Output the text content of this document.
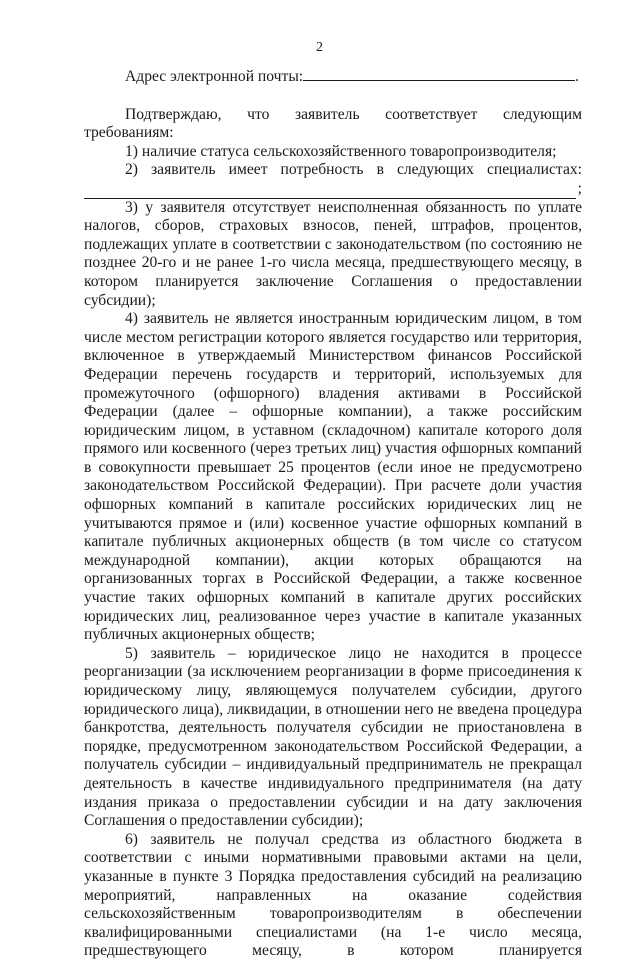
2

Адрес электронной почты:	.

Подтверждаю, что заявитель соответствует следующим требованиям:

1) наличие статуса сельскохозяйственного товаропроизводителя;

2) заявитель имеет потребность в следующих специалистах:

;

3) у заявителя отсутствует неисполненная обязанность по уплате налогов, сборов, страховых взносов, пеней, штрафов, процентов, подлежащих уплате в соответствии с законодательством (по состоянию не позднее 20-го и не ранее 1-го числа месяца, предшествующего месяцу, в котором планируется заключение Соглашения о предоставлении субсидии);

4) заявитель не является иностранным юридическим лицом, в том числе местом регистрации которого является государство или территория, включенное в утверждаемый Министерством финансов Российской Федерации перечень государств и территорий, используемых для промежуточного (офшорного) владения активами в Российской Федерации (далее – офшорные компании), а также российским юридическим лицом, в уставном (складочном) капитале которого доля прямого или косвенного (через третьих лиц) участия офшорных компаний в совокупности превышает 25 процентов (если иное не предусмотрено законодательством Российской Федерации). При расчете доли участия офшорных компаний в капитале российских юридических лиц не учитываются прямое и (или) косвенное участие офшорных компаний в капитале публичных акционерных обществ (в том числе со статусом международной компании), акции которых обращаются на организованных торгах в Российской Федерации, а также косвенное участие таких офшорных компаний в капитале других российских юридических лиц, реализованное через участие в капитале указанных публичных акционерных обществ;

5) заявитель – юридическое лицо не находится в процессе реорганизации (за исключением реорганизации в форме присоединения к юридическому лицу, являющемуся получателем субсидии, другого юридического лица), ликвидации, в отношении него не введена процедура банкротства, деятельность получателя субсидии не приостановлена в порядке, предусмотренном законодательством Российской Федерации, а получатель субсидии – индивидуальный предприниматель не прекращал деятельность в качестве индивидуального предпринимателя (на дату издания приказа о предоставлении субсидии и на дату заключения Соглашения о предоставлении субсидии);

6) заявитель не получал средства из областного бюджета в соответствии с иными нормативными правовыми актами на цели, указанные в пункте 3 Порядка предоставления субсидий на реализацию мероприятий, направленных на оказание содействия сельскохозяйственным товаропроизводителям в обеспечении квалифицированными специалистами (на 1-е число месяца, предшествующего месяцу, в котором планируется
